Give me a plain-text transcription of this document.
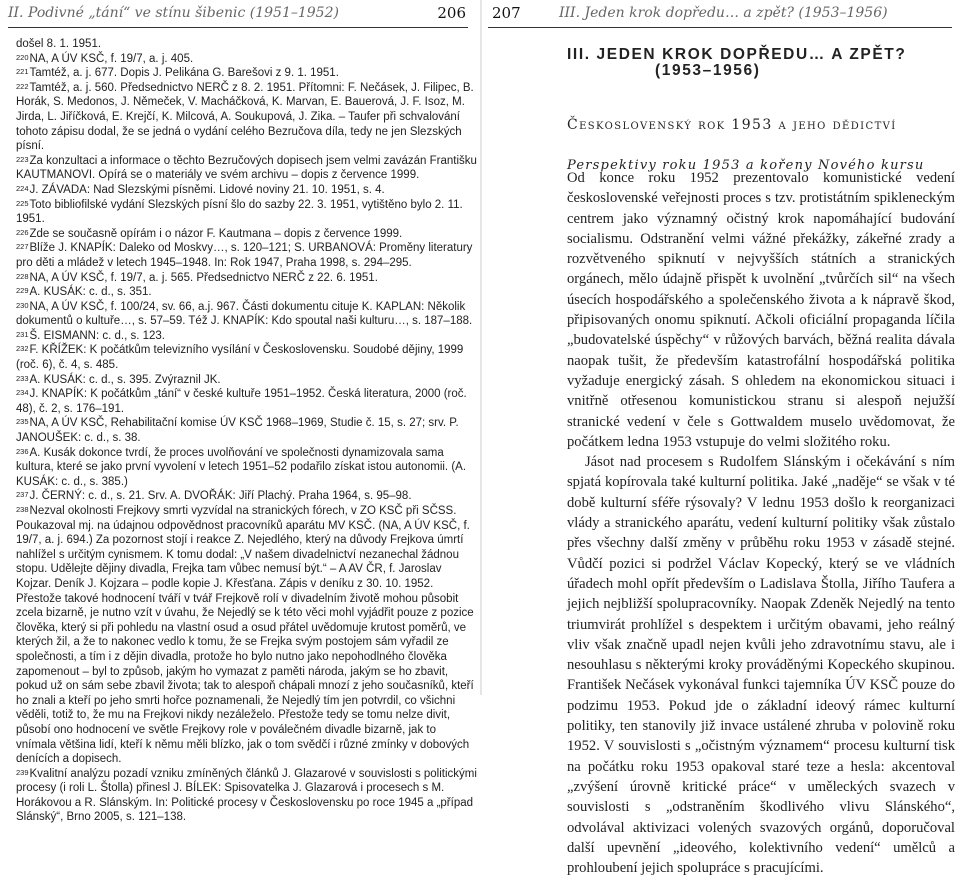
II. Podivné „tání“ ve stínu šibenic (1951–1952)	206

došel 8. 1. 1951.

$^{220}$NA, A ÚV KSČ, f. 19/7, a. j. 405.

$^{221}$Tamtéž, a. j. 677. Dopis J. Pelikána G. Barešovi z 9. 1. 1951.

$^{222}$Tamtéž, a. j. 560. Předsednictvo NERČ z 8. 2. 1951. Přítomni: F. Nečásek, J. Filipec, B. Horák, S. Medonos, J. Němeček, V. Macháčková, K. Marvan, E. Bauerová, J. F. Isoz, M. Jirda, L. Jiříčková, E. Krejčí, K. Milcová, A. Soukupová, J. Zika. – Taufer při schvalování tohoto zápisu dodal, že se jedná o vydání celého Bezručova díla, tedy ne jen Slezských písní.

$^{223}$Za konzultaci a informace o těchto Bezručových dopisech jsem velmi zavázán Františku KAUTMANOVI. Opírá se o materiály ve svém archivu – dopis z července 1999.

$^{224}$J. ZÁVADA: Nad Slezskými písněmi. Lidové noviny 21. 10. 1951, s. 4.

$^{225}$Toto bibliofilské vydání Slezských písní šlo do sazby 22. 3. 1951, vytištěno bylo 2. 11. 1951.

$^{226}$Zde se současně opírám i o názor F. Kautmana – dopis z července 1999.

$^{227}$Blíže J. KNAPÍK: Daleko od Moskvy…, s. 120–121; S. URBANOVÁ: Proměny literatury pro děti a mládež v letech 1945–1948. In: Rok 1947, Praha 1998, s. 294–295.

$^{228}$NA, A ÚV KSČ, f. 19/7, a. j. 565. Předsednictvo NERČ z 22. 6. 1951.

$^{229}$A. KUSÁK: c. d., s. 351.

$^{230}$NA, A ÚV KSČ, f. 100/24, sv. 66, a.j. 967. Části dokumentu cituje K. KAPLAN: Několik dokumentů o kultuře…, s. 57–59. Též J. KNAPÍK: Kdo spoutal naši kulturu…, s. 187–188.

$^{231}$Š. EISMANN: c. d., s. 123.

$^{232}$F. KŘÍŽEK: K počátkům televizního vysílání v Československu. Soudobé dějiny, 1999 (roč. 6), č. 4, s. 485.

$^{233}$A. KUSÁK: c. d., s. 395. Zvýraznil JK.

$^{234}$J. KNAPÍK: K počátkům „tání“ v české kultuře 1951–1952. Česká literatura, 2000 (roč. 48), č. 2, s. 176–191.

$^{235}$NA, A ÚV KSČ, Rehabilitační komise ÚV KSČ 1968–1969, Studie č. 15, s. 27; srv. P. JANOUŠEK: c. d., s. 38.

$^{236}$A. Kusák dokonce tvrdí, že proces uvolňování ve společnosti dynamizovala sama kultura, které se jako první vyvolení v letech 1951–52 podařilo získat istou autonomii. (A. KUSÁK: c. d., s. 385.)

$^{237}$J. ČERNÝ: c. d., s. 21. Srv. A. DVOŘÁK: Jiří Plachý. Praha 1964, s. 95–98.

$^{238}$Nezval okolnosti Frejkovy smrti vyzvídal na stranických fórech, v ZO KSČ při SČSS. Poukazoval mj. na údajnou odpovědnost pracovníků aparátu MV KSČ. (NA, A ÚV KSČ, f. 19/7, a. j. 694.) Za pozornost stojí i reakce Z. Nejedlého, který na důvody Frejkova úmrtí nahlížel s určitým cynismem. K tomu dodal: „V našem divadelnictví nezanechal žádnou stopu. Udělejte dějiny divadla, Frejka tam vůbec nemusí být.“ – A AV ČR, f. Jaroslav Kojzar. Deník J. Kojzara – podle kopie J. Křesťana. Zápis v deníku z 30. 10. 1952. Přestože takové hodnocení tváří v tvář Frejkově rolí v divadelním životě mohou působit zcela bizarně, je nutno vzít v úvahu, že Nejedlý se k této věci mohl vyjádřit pouze z pozice člověka, který si při pohledu na vlastní osud a osud přátel uvědomuje krutost poměrů, ve kterých žil, a že to nakonec vedlo k tomu, že se Frejka svým postojem sám vyřadil ze společnosti, a tím i z dějin divadla, protože ho bylo nutno jako nepohodlného člověka zapomenout – byl to způsob, jakým ho vymazat z paměti národa, jakým se ho zbavit, pokud už on sám sebe zbavil života; tak to alespoň chápali mnozí z jeho současníků, kteří ho znali a kteří po jeho smrti hořce poznamenali, že Nejedlý tím jen potvrdil, co všichni věděli, totiž to, že mu na Frejkovi nikdy nezáleželo. Přestože tedy se tomu nelze divit, působí ono hodnocení ve světle Frejkovy role v poválečném divadle bizarně, jak to vnímala většina lidí, kteří k němu měli blízko, jak o tom svědčí i různé zmínky v dobových denících a dopisech.

$^{239}$Kvalitní analýzu pozadí vzniku zmíněných článků J. Glazarové v souvislosti s politickými procesy (i roli L. Štolla) přinesl J. BÍLEK: Spisovatelka J. Glazarová i procesech s M. Horákovou a R. Slánským. In: Politické procesy v Československu po roce 1945 a „případ Slánský“, Brno 2005, s. 121–138.

207	III. Jeden krok dopředu… a zpět? (1953–1956)
III. JEDEN KROK DOPŘEDU… A ZPĚT?
(1953–1956)
Československý rok 1953 a jeho dědictví
Perspektivy roku 1953 a kořeny Nového kursu

Od konce roku 1952 prezentovalo komunistické vedení československé veřejnosti proces s tzv. protistátním spikleneckým centrem jako významný očistný krok napomáhající budování socialismu. Odstranění velmi vážné překážky, zákeřné zrady a rozvětveného spiknutí v nejvyšších státních a stranických orgánech, mělo údajně přispět k uvolnění „tvůrčích sil“ na všech úsecích hospodářského a společenského života a k nápravě škod, připisovaných onomu spiknutí. Ačkoli oficiální propaganda líčila „budovatelské úspěchy“ v růžových barvách, běžná realita dávala naopak tušit, že především katastrofální hospodářská politika vyžaduje energický zásah. S ohledem na ekonomickou situaci i vnitřně otřesenou komunistickou stranu si alespoň nejužší stranické vedení v čele s Gottwaldem muselo uvědomovat, že počátkem ledna 1953 vstupuje do velmi složitého roku.

Jásot nad procesem s Rudolfem Slánským i očekávání s ním spjatá kopírovala také kulturní politika. Jaké „naděje“ se však v té době kulturní sféře rýsovaly? V lednu 1953 došlo k reorganizaci vlády a stranického aparátu, vedení kulturní politiky však zůstalo přes všechny další změny v průběhu roku 1953 v zásadě stejné. Vůdčí pozici si podržel Václav Kopecký, který se ve vládních úřadech mohl opřít především o Ladislava Štolla, Jiřího Taufera a jejich nejbližší spolupracovníky. Naopak Zdeněk Nejedlý na tento triumvirát prohlížel s despektem i určitým obavami, jeho reálný vliv však značně upadl nejen kvůli jeho zdravotnímu stavu, ale i nesouhlasu s některými kroky prováděnými Kopeckého skupinou. František Nečásek vykonával funkci tajemníka ÚV KSČ pouze do podzimu 1953. Pokud jde o základní ideový rámec kulturní politiky, ten stanovily již invace ustálené zhruba v polovině roku 1952. V souvislosti s „očistným významem“ procesu kulturní tisk na počátku roku 1953 opakoval staré teze a hesla: akcentoval „zvýšení úrovně kritické práce“ v uměleckých svazech v souvislosti s „odstraněním škodlivého vlivu Slánského“, odvolával aktivizaci volených svazových orgánů, doporučoval další upevnění „ideového, kolektivního vedení“ umělců a prohloubení jejich spolupráce s pracujícími.
